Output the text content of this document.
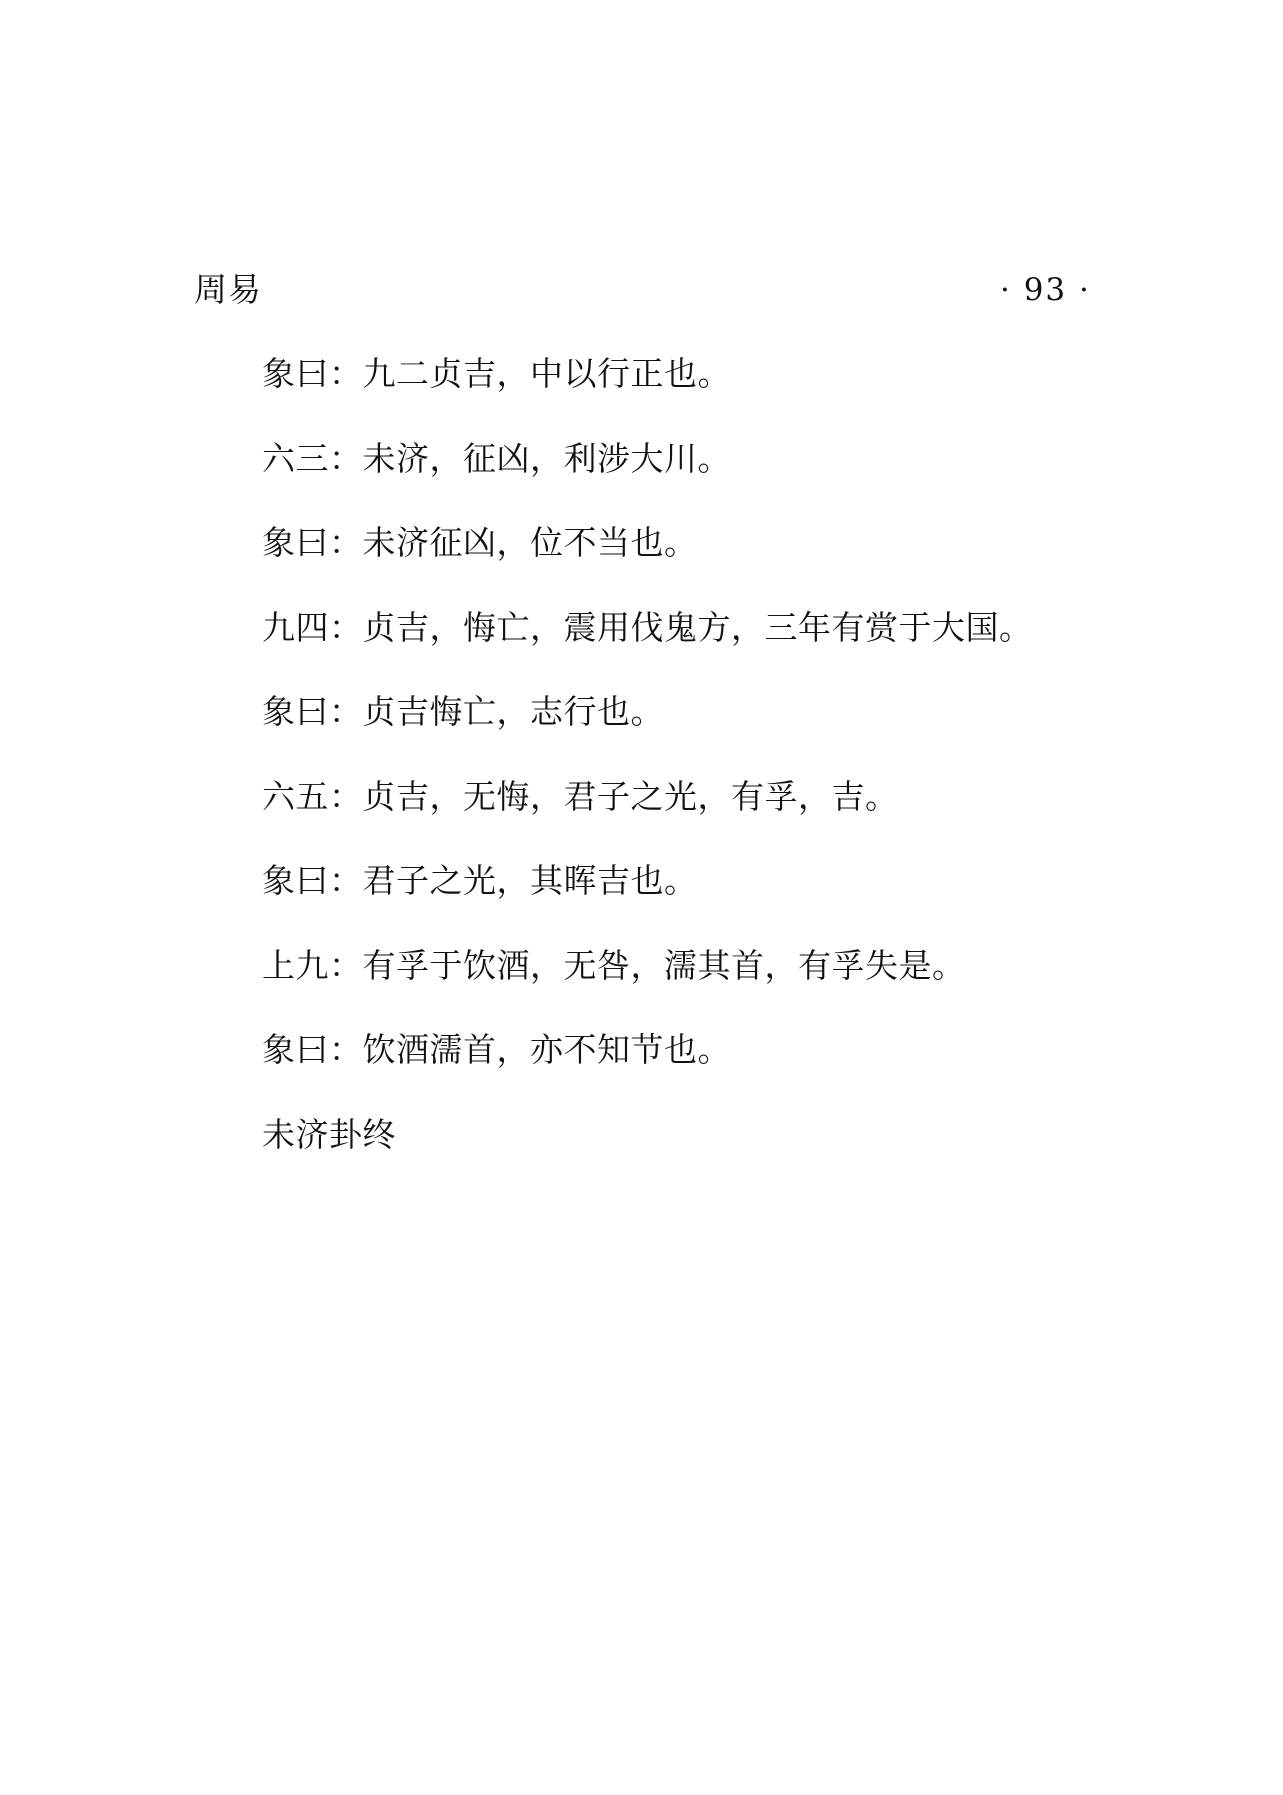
周易	· 93 ·
象曰：九二贞吉，中以行正也。
六三：未济，征凶，利涉大川。
象曰：未济征凶，位不当也。
九四：贞吉，悔亡，震用伐鬼方，三年有赏于大国。
象曰：贞吉悔亡，志行也。
六五：贞吉，无悔，君子之光，有孚，吉。
象曰：君子之光，其晖吉也。
上九：有孚于饮酒，无咎，濡其首，有孚失是。
象曰：饮酒濡首，亦不知节也。
未济卦终
